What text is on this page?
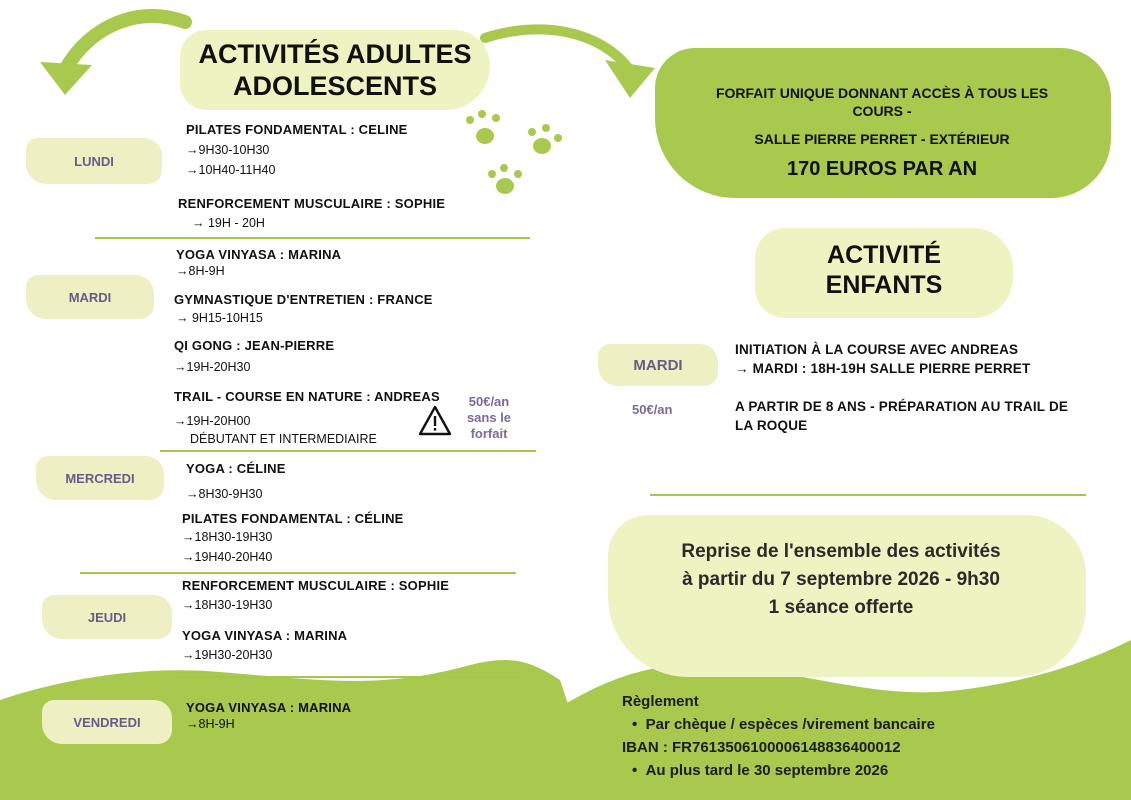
ACTIVITÉS ADULTES
ADOLESCENTS
LUNDI
MARDI
MERCREDI
JEUDI
VENDREDI
PILATES FONDAMENTAL : CELINE
→9H30-10H30
→10H40-11H40
RENFORCEMENT MUSCULAIRE : SOPHIE
→ 19H - 20H
YOGA VINYASA : MARINA
→8H-9H
GYMNASTIQUE D'ENTRETIEN : FRANCE
→ 9H15-10H15
QI GONG : JEAN-PIERRE
→19H-20H30
TRAIL - COURSE EN NATURE : ANDREAS
→19H-20H00
DÉBUTANT ET INTERMEDIAIRE
50€/an
sans le
forfait
YOGA : CÉLINE
→8H30-9H30
PILATES FONDAMENTAL : CÉLINE
→18H30-19H30
→19H40-20H40
RENFORCEMENT MUSCULAIRE : SOPHIE
→18H30-19H30
YOGA VINYASA : MARINA
→19H30-20H30
YOGA VINYASA : MARINA
→8H-9H
FORFAIT UNIQUE DONNANT ACCÈS À TOUS LES
COURS -
SALLE PIERRE PERRET - EXTÉRIEUR
170 EUROS PAR AN
ACTIVITÉ
ENFANTS
MARDI
50€/an
INITIATION À LA COURSE AVEC ANDREAS
→ MARDI : 18H-19H SALLE PIERRE PERRET
A PARTIR DE 8 ANS - PRÉPARATION AU TRAIL DE
LA ROQUE
Reprise de l'ensemble des activités
à partir du 7 septembre 2026 - 9h30
1 séance offerte
Règlement
•  Par chèque / espèces /virement bancaire
IBAN : FR7613506100006148836400012
•  Au plus tard le 30 septembre 2026
